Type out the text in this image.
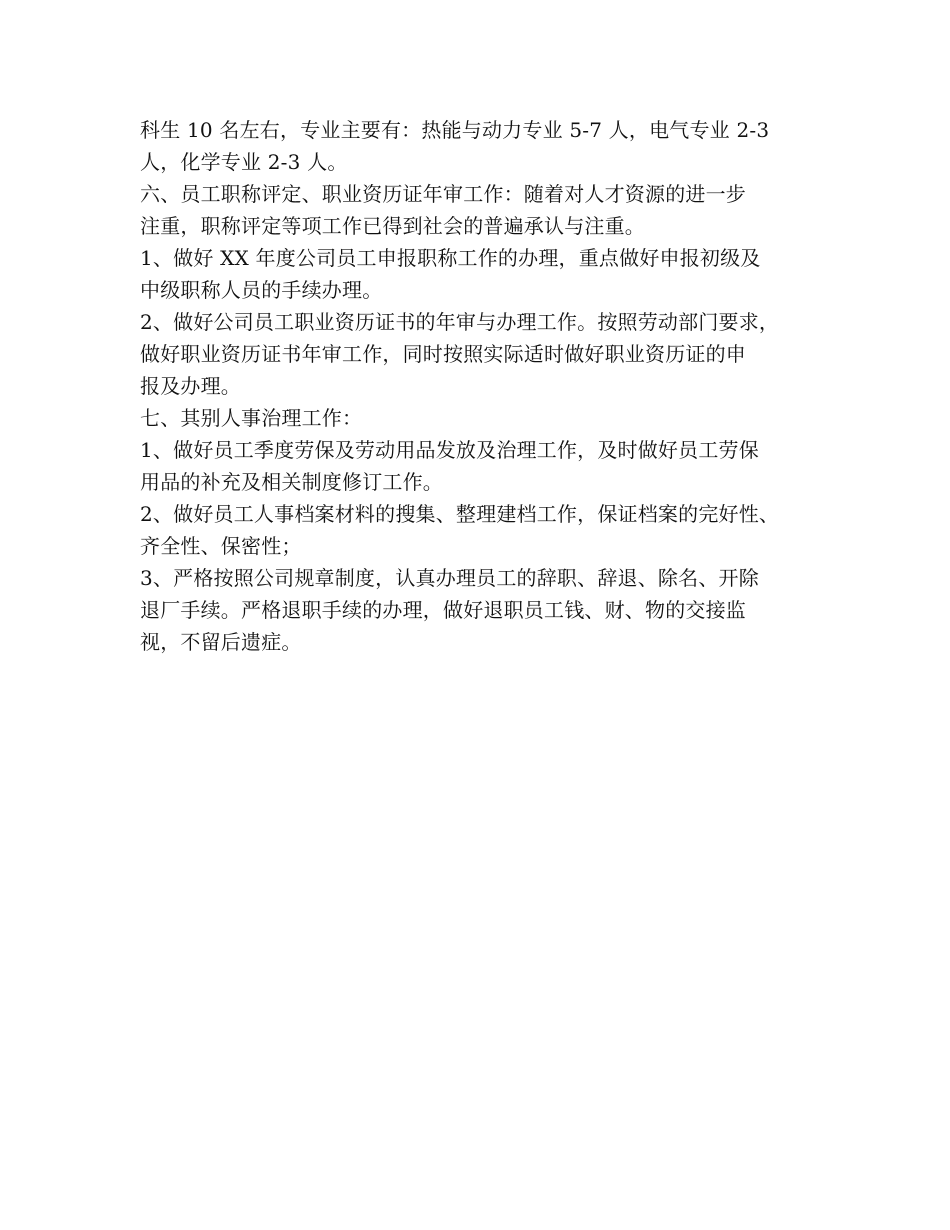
科生 10 名左右，专业主要有：热能与动力专业 5-7 人，电气专业 2-3
人，化学专业 2-3 人。
六、员工职称评定、职业资历证年审工作：随着对人才资源的进一步
注重，职称评定等项工作已得到社会的普遍承认与注重。
1、做好 XX 年度公司员工申报职称工作的办理，重点做好申报初级及
中级职称人员的手续办理。
2、做好公司员工职业资历证书的年审与办理工作。按照劳动部门要求，
做好职业资历证书年审工作，同时按照实际适时做好职业资历证的申
报及办理。
七、其别人事治理工作：
1、做好员工季度劳保及劳动用品发放及治理工作，及时做好员工劳保
用品的补充及相关制度修订工作。
2、做好员工人事档案材料的搜集、整理建档工作，保证档案的完好性、
齐全性、保密性；
3、严格按照公司规章制度，认真办理员工的辞职、辞退、除名、开除
退厂手续。严格退职手续的办理，做好退职员工钱、财、物的交接监
视，不留后遗症。
